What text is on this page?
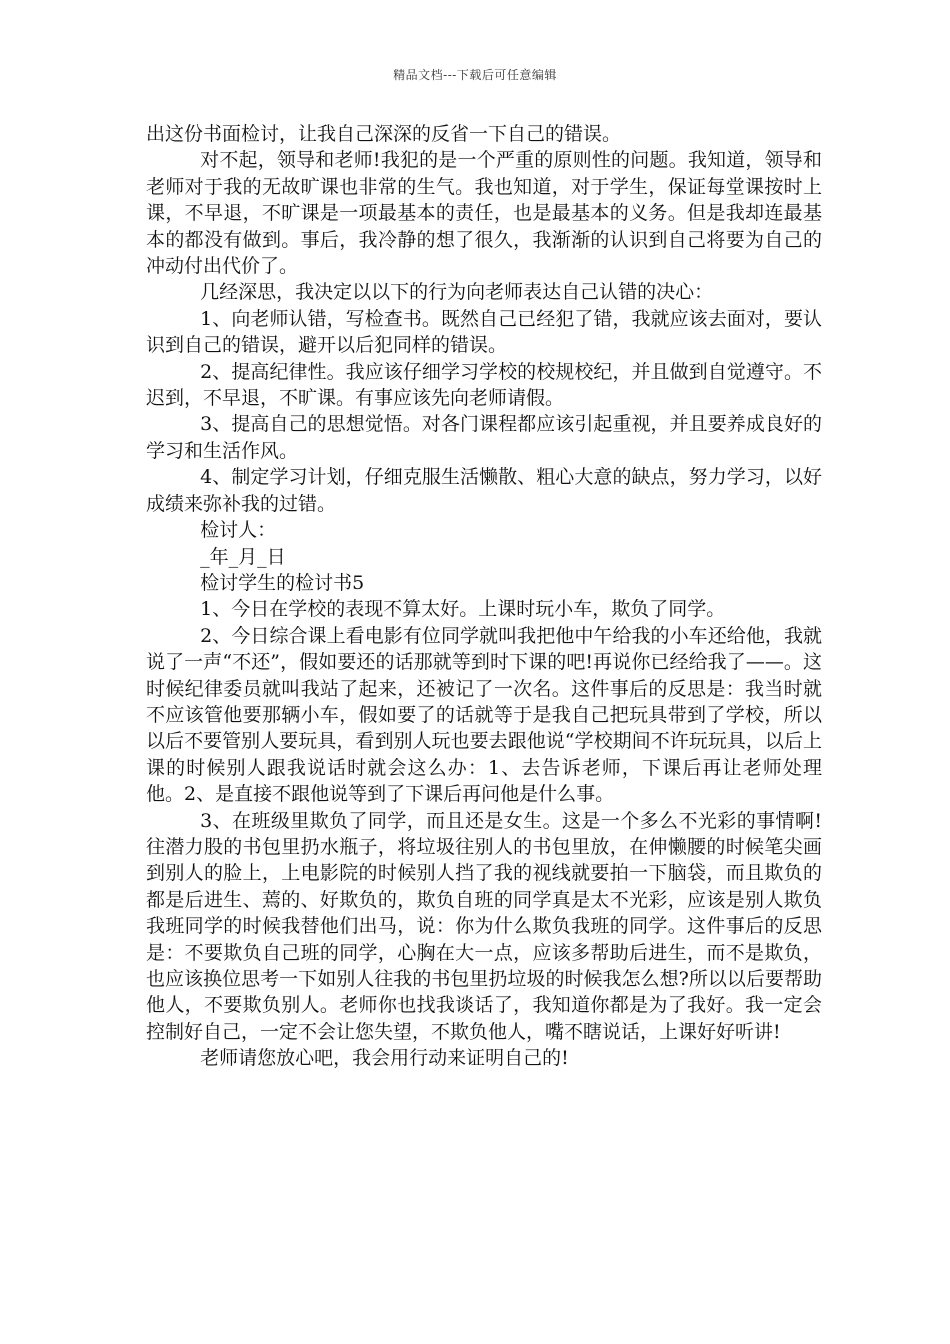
精品文档---下载后可任意编辑

出这份书面检讨，让我自己深深的反省一下自己的错误。

对不起，领导和老师!我犯的是一个严重的原则性的问题。我知道，领导和老师对于我的无故旷课也非常的生气。我也知道，对于学生，保证每堂课按时上课，不早退，不旷课是一项最基本的责任，也是最基本的义务。但是我却连最基本的都没有做到。事后，我冷静的想了很久，我渐渐的认识到自己将要为自己的冲动付出代价了。

几经深思，我决定以以下的行为向老师表达自己认错的决心：

1、向老师认错，写检查书。既然自己已经犯了错，我就应该去面对，要认识到自己的错误，避开以后犯同样的错误。

2、提高纪律性。我应该仔细学习学校的校规校纪，并且做到自觉遵守。不迟到，不早退，不旷课。有事应该先向老师请假。

3、提高自己的思想觉悟。对各门课程都应该引起重视，并且要养成良好的学习和生活作风。

4、制定学习计划，仔细克服生活懒散、粗心大意的缺点，努力学习，以好成绩来弥补我的过错。

检讨人：

_年_月_日

检讨学生的检讨书5

1、今日在学校的表现不算太好。上课时玩小车，欺负了同学。

2、今日综合课上看电影有位同学就叫我把他中午给我的小车还给他，我就说了一声“不还”，假如要还的话那就等到时下课的吧!再说你已经给我了——。这时候纪律委员就叫我站了起来，还被记了一次名。这件事后的反思是：我当时就不应该管他要那辆小车，假如要了的话就等于是我自己把玩具带到了学校，所以以后不要管别人要玩具，看到别人玩也要去跟他说“学校期间不许玩玩具，以后上课的时候别人跟我说话时就会这么办：1、去告诉老师，下课后再让老师处理他。2、是直接不跟他说等到了下课后再问他是什么事。

3、在班级里欺负了同学，而且还是女生。这是一个多么不光彩的事情啊!往潜力股的书包里扔水瓶子，将垃圾往别人的书包里放，在伸懒腰的时候笔尖画到别人的脸上，上电影院的时候别人挡了我的视线就要拍一下脑袋，而且欺负的都是后进生、蔫的、好欺负的，欺负自班的同学真是太不光彩，应该是别人欺负我班同学的时候我替他们出马，说：你为什么欺负我班的同学。这件事后的反思是：不要欺负自己班的同学，心胸在大一点，应该多帮助后进生，而不是欺负，也应该换位思考一下如别人往我的书包里扔垃圾的时候我怎么想?所以以后要帮助他人，不要欺负别人。老师你也找我谈话了，我知道你都是为了我好。我一定会控制好自己，一定不会让您失望，不欺负他人，嘴不瞎说话，上课好好听讲!

老师请您放心吧，我会用行动来证明自己的!
